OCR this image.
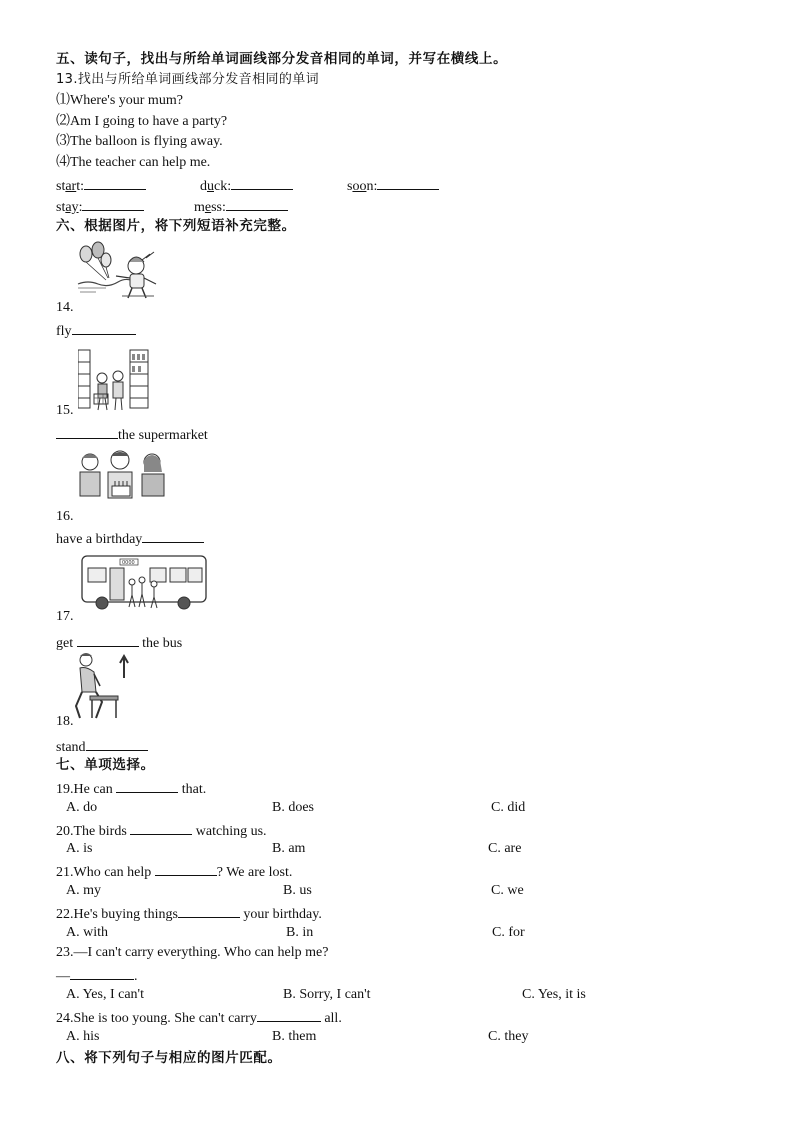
五、读句子，找出与所给单词画线部分发音相同的单词，并写在横线上。
13.找出与所给单词画线部分发音相同的单词
⑴Where's your mum?
⑵Am I going to have a party?
⑶The balloon is flying away.
⑷The teacher can help me.
start:	duck:	soon:
stay:	mess:
六、根据图片，将下列短语补充完整。
14.
fly
15.
the supermarket
16.
have a birthday
0000
17.
get	the bus
18.
stand
七、单项选择。
19.He can	that.
A. do	B. does	C. did
20.The birds	watching us.
A. is	B. am	C. are
21.Who can help	? We are lost.
A. my	B. us	C. we
22.He's buying things	your birthday.
A. with	B. in	C. for
23.—I can't carry everything. Who can help me?
—	.
A. Yes, I can't	B. Sorry, I can't	C. Yes, it is
24.She is too young. She can't carry	all.
A. his	B. them	C. they
八、将下列句子与相应的图片匹配。
